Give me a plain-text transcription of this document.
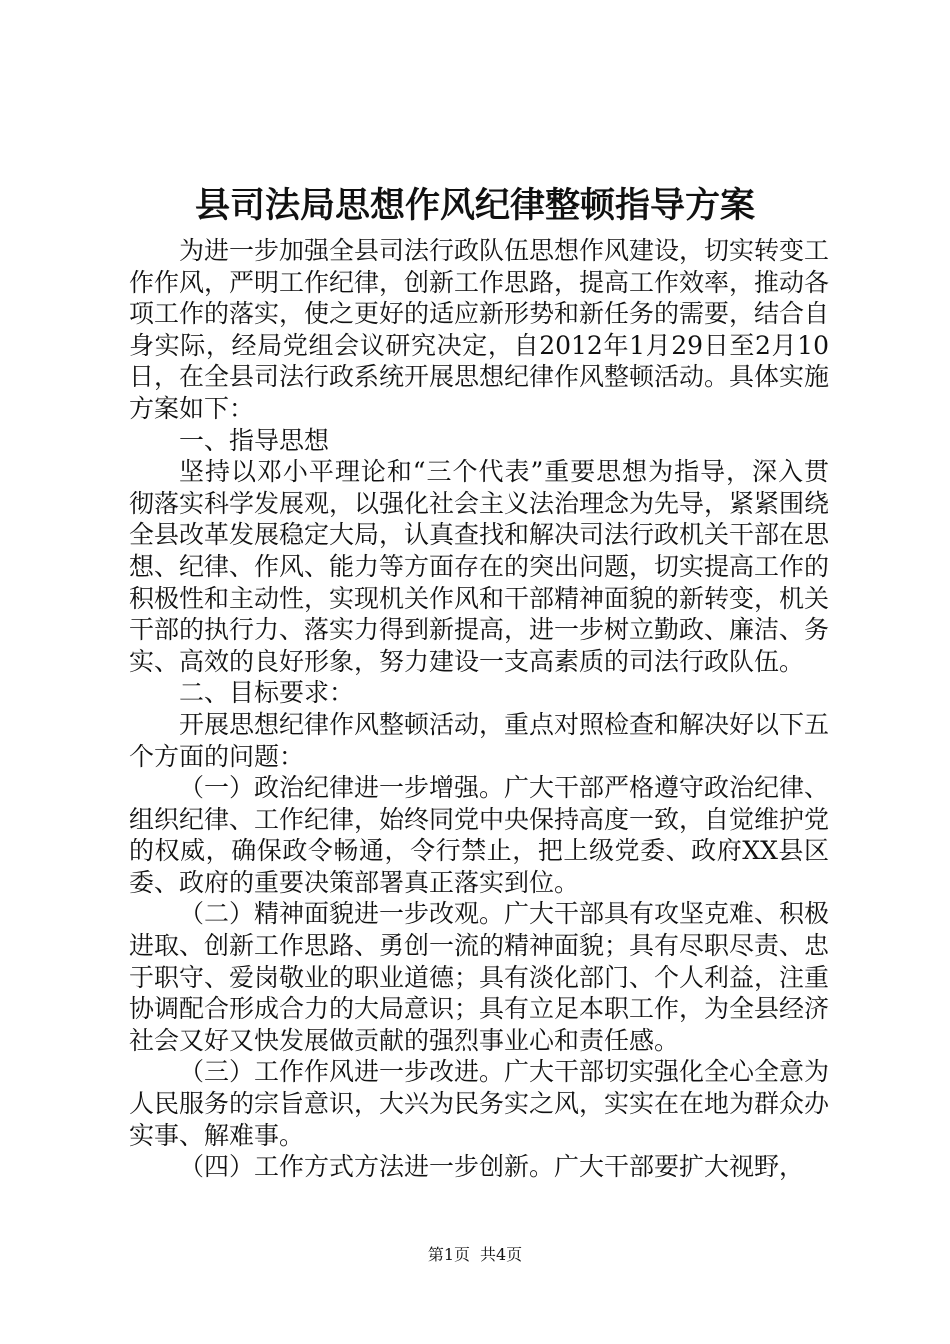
县司法局思想作风纪律整顿指导方案

为进一步加强全县司法行政队伍思想作风建设，切实转变工作作风，严明工作纪律，创新工作思路，提高工作效率，推动各项工作的落实，使之更好的适应新形势和新任务的需要，结合自身实际，经局党组会议研究决定，自2012年1月29日至2月10日，在全县司法行政系统开展思想纪律作风整顿活动。具体实施方案如下：

一、指导思想

坚持以邓小平理论和“三个代表”重要思想为指导，深入贯彻落实科学发展观，以强化社会主义法治理念为先导，紧紧围绕全县改革发展稳定大局，认真查找和解决司法行政机关干部在思想、纪律、作风、能力等方面存在的突出问题，切实提高工作的积极性和主动性，实现机关作风和干部精神面貌的新转变，机关干部的执行力、落实力得到新提高，进一步树立勤政、廉洁、务实、高效的良好形象，努力建设一支高素质的司法行政队伍。

二、目标要求：

开展思想纪律作风整顿活动，重点对照检查和解决好以下五个方面的问题：

（一）政治纪律进一步增强。广大干部严格遵守政治纪律、组织纪律、工作纪律，始终同党中央保持高度一致，自觉维护党的权威，确保政令畅通，令行禁止，把上级党委、政府XX县区委、政府的重要决策部署真正落实到位。

（二）精神面貌进一步改观。广大干部具有攻坚克难、积极进取、创新工作思路、勇创一流的精神面貌；具有尽职尽责、忠于职守、爱岗敬业的职业道德；具有淡化部门、个人利益，注重协调配合形成合力的大局意识；具有立足本职工作，为全县经济社会又好又快发展做贡献的强烈事业心和责任感。

（三）工作作风进一步改进。广大干部切实强化全心全意为人民服务的宗旨意识，大兴为民务实之风，实实在在地为群众办实事、解难事。

（四）工作方式方法进一步创新。广大干部要扩大视野，

第1页 共4页
